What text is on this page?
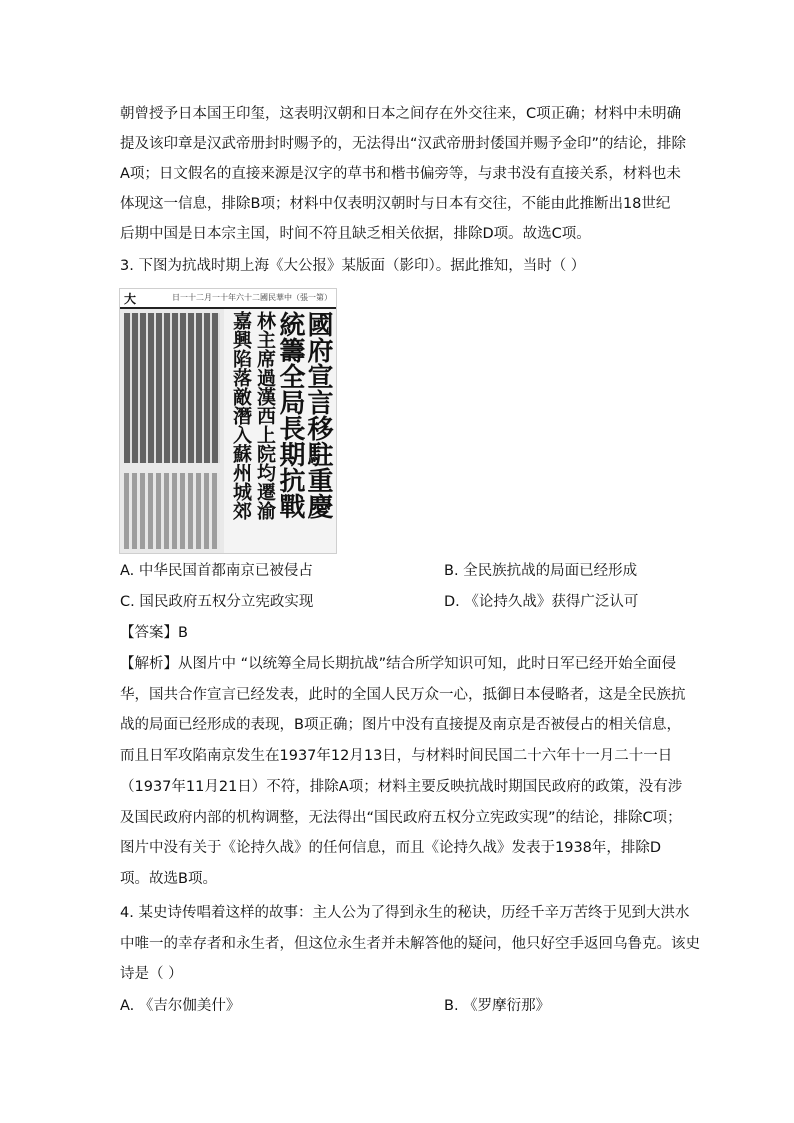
朝曾授予日本国王印玺，这表明汉朝和日本之间存在外交往来，C项正确；材料中未明确
提及该印章是汉武帝册封时赐予的，无法得出“汉武帝册封倭国并赐予金印”的结论，排除
A项；日文假名的直接来源是汉字的草书和楷书偏旁等，与隶书没有直接关系，材料也未
体现这一信息，排除B项；材料中仅表明汉朝时与日本有交往，不能由此推断出18世纪
后期中国是日本宗主国，时间不符且缺乏相关依据，排除D项。故选C项。
3. 下图为抗战时期上海《大公报》某版面（影印）。据此推知，当时（ ）
大	日一十二月一十年六十二國民華中（張一第）
國府宣言移駐重慶
統籌全局長期抗戰
林主席過漢西上院均遷渝
嘉興陷落敵潛入蘇州城郊
A. 中华民国首都南京已被侵占	B. 全民族抗战的局面已经形成
C. 国民政府五权分立宪政实现	D. 《论持久战》获得广泛认可
【答案】B
【解析】从图片中 “以统筹全局长期抗战”结合所学知识可知，此时日军已经开始全面侵
华，国共合作宣言已经发表，此时的全国人民万众一心，抵御日本侵略者，这是全民族抗
战的局面已经形成的表现，B项正确；图片中没有直接提及南京是否被侵占的相关信息，
而且日军攻陷南京发生在1937年12月13日，与材料时间民国二十六年十一月二十一日
（1937年11月21日）不符，排除A项；材料主要反映抗战时期国民政府的政策，没有涉
及国民政府内部的机构调整，无法得出“国民政府五权分立宪政实现”的结论，排除C项；
图片中没有关于《论持久战》的任何信息，而且《论持久战》发表于1938年，排除D
项。故选B项。
4. 某史诗传唱着这样的故事：主人公为了得到永生的秘诀，历经千辛万苦终于见到大洪水
中唯一的幸存者和永生者，但这位永生者并未解答他的疑问，他只好空手返回乌鲁克。该史
诗是（ ）
A. 《吉尔伽美什》	B. 《罗摩衍那》
